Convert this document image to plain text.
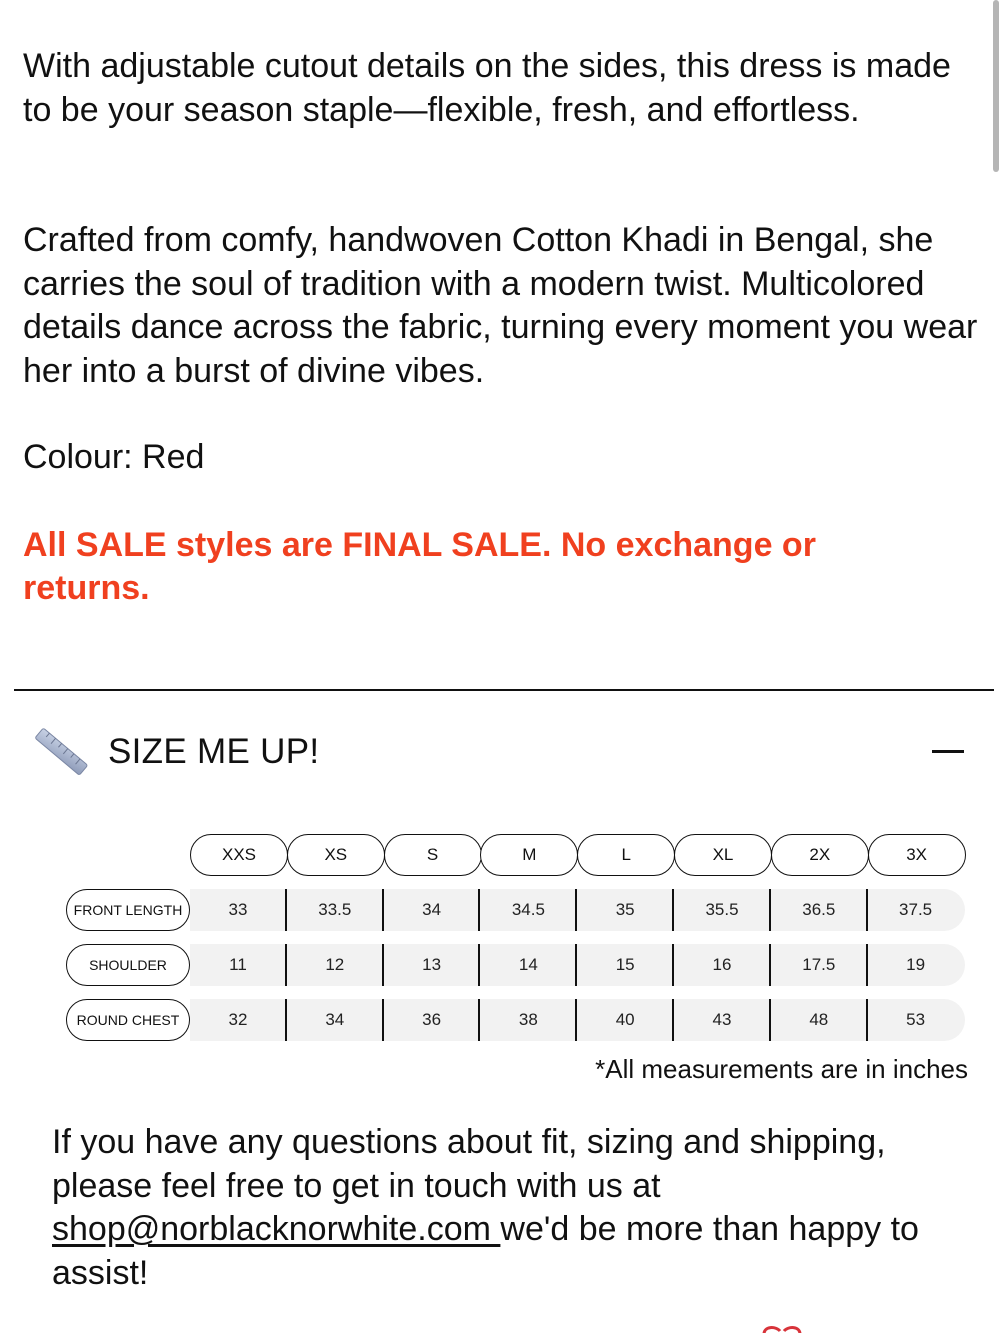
With adjustable cutout details on the sides, this dress is made to be your season staple—flexible, fresh, and effortless.

Crafted from comfy, handwoven Cotton Khadi in Bengal, she carries the soul of tradition with a modern twist. Multicolored details dance across the fabric, turning every moment you wear her into a burst of divine vibes.

Colour: Red

All SALE styles are FINAL SALE. No exchange or returns.
SIZE ME UP!
XXS	XS	S	M	L	XL	2X	3X
FRONT LENGTH	33	33.5	34	34.5	35	35.5	36.5	37.5
SHOULDER	11	12	13	14	15	16	17.5	19
ROUND CHEST	32	34	36	38	40	43	48	53
*All measurements are in inches
If you have any questions about fit, sizing and shipping, please feel free to get in touch with us at shop@norblacknorwhite.com we'd be more than happy to assist!
